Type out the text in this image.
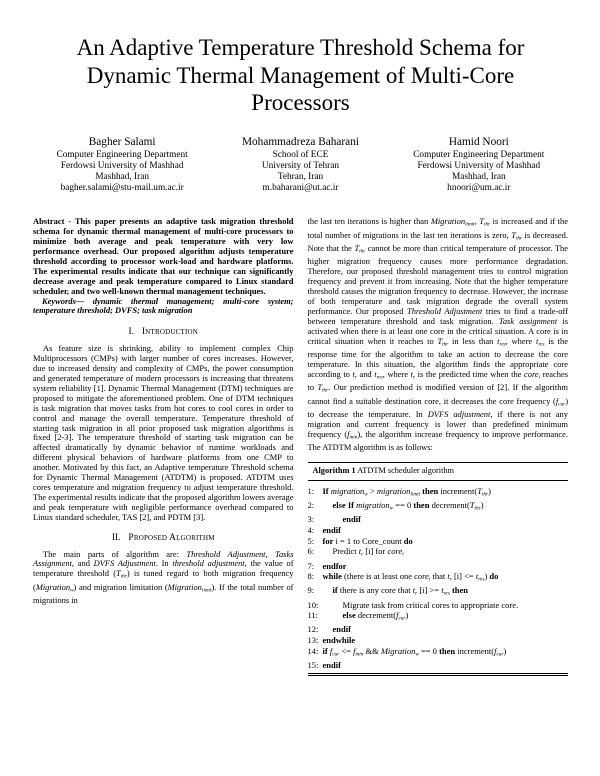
An Adaptive Temperature Threshold Schema for
Dynamic Thermal Management of Multi-Core
Processors
Bagher Salami
Computer Engineering Department
Ferdowsi University of Mashhad
Mashhad, Iran
bagher.salami@stu-mail.um.ac.ir
Mohammadreza Baharani
School of ECE
University of Tehran
Tehran, Iran
m.baharani@ut.ac.ir
Hamid Noori
Computer Engineering Department
Ferdowsi University of Mashhad
Mashhad, Iran
hnoori@um.ac.ir

Abstract - This paper presents an adaptive task migration threshold schema for dynamic thermal management of multi-core processors to minimize both average and peak temperature with very low performance overhead. Our proposed algorithm adjusts temperature threshold according to processor work-load and hardware platforms. The experimental results indicate that our technique can significantly decrease average and peak temperature compared to Linux standard scheduler, and two well-known thermal management techniques.

Keywords— dynamic thermal management; multi-core system; temperature threshold; DVFS; task migration

I. Introduction

As feature size is shrinking, ability to implement complex Chip Multiprocessors (CMPs) with larger number of cores increases. However, due to increased density and complexity of CMPs, the power consumption and generated temperature of modern processors is increasing that threatens system reliability [1]. Dynamic Thermal Management (DTM) techniques are proposed to mitigate the aforementioned problem. One of DTM techniques is task migration that moves tasks from hot cores to cool cores in order to control and manage the overall temperature. Temperature threshold of starting task migration in all prior proposed task migration algorithms is fixed [2-3]. The temperature threshold of starting task migration can be affected dramatically by dynamic behavior of runtime workloads and different physical behaviors of hardware platforms from one CMP to another. Motivated by this fact, an Adaptive temperature Threshold schema for Dynamic Thermal Management (ATDTM) is proposed. ATDTM uses cores temperature and migration frequency to adjust temperature threshold. The experimental results indicate that the proposed algorithm lowers average and peak temperature with negligible performance overhead compared to Linux standard scheduler, TAS [2], and PDTM [3].

II. Proposed Algorithm

The main parts of algorithm are: Threshold Adjustment, Tasks Assignment, and DVFS Adjustment. In threshold adjustment, the value of temperature threshold $(T_{thr})$ is tuned regard to both migration frequency (Migration$_w$) and migration limitation (Migration$_{limit}$). If the total number of migrations in

the last ten iterations is higher than Migration$_{limit}$, $T_{thr}$ is increased and if the total number of migrations in the last ten iterations is zero, $T_{thr}$ is decreased. Note that the $T_{thr}$ cannot be more than critical temperature of processor. The higher migration frequency causes more performance degradation. Therefore, our proposed threshold management tries to control migration frequency and prevent it from increasing. Note that the higher temperature threshold causes the migration frequency to decrease. However, the increase of both temperature and task migration degrade the overall system performance. Our proposed Threshold Adjustment tries to find a trade-off between temperature threshold and task migration. Task assignment is activated when there is at least one core in the critical situation. A core is in critical situation when it reaches to $T_{thr}$ in less than $t_{res}$, where $t_{res}$ is the response time for the algorithm to take an action to decrease the core temperature. In this situation, the algorithm finds the appropriate core according to $t_r$ and $t_{res}$, where $t_r$ is the predicted time when the core$_i$ reaches to $T_{thr}$. Our prediction method is modified version of [2]. If the algorithm cannot find a suitable destination core, it decreases the core frequency $(f_{cur})$ to decrease the temperature. In DVFS adjustment, if there is not any migration and current frequency is lower than predefined minimum frequency $(f_{min})$, the algorithm increase frequency to improve performance. The ATDTM algorithm is as follows:

Algorithm 1 ATDTM scheduler algorithm
1: If migration$_w$ > migration$_{limit}$ then $increment(T_{thr})$
2:	else If migration$_w$ == 0 then $decrement(T_{thr})$
3:	endif
4: endif
5: for i = 1 to Core_count do
6:	Predict $t_r$ [i] for core$_i$
7: endfor
8: while (there is at least one core$_i$ that $t_r$ $[i] <= t_{res}$) do
9:	if there is any core that $t_r$ $[i] >= t_{res}$ then
10:	Migrate task from critical cores to appropriate core.
11:	else $decrement(f_{cur})$
12:	endif
13: endwhile
14: if $f_{cur} <= f_{min}$ && Migration$_w$ == 0 then $increment(f_{cur})$
15: endif
